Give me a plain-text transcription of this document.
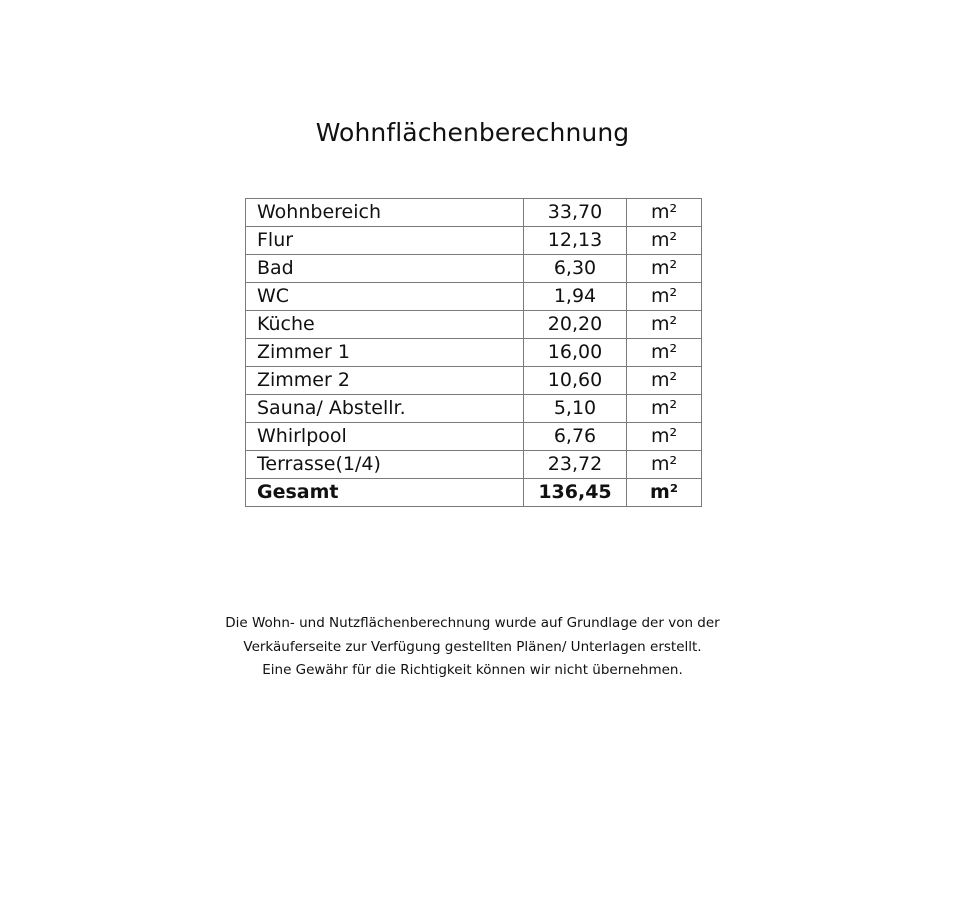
Wohnflächenberechnung
Wohnbereich	33,70	m²
Flur	12,13	m²
Bad	6,30	m²
WC	1,94	m²
Küche	20,20	m²
Zimmer 1	16,00	m²
Zimmer 2	10,60	m²
Sauna/ Abstellr.	5,10	m²
Whirlpool	6,76	m²
Terrasse(1/4)	23,72	m²
Gesamt	136,45	m²
Die Wohn- und Nutzflächenberechnung wurde auf Grundlage der von der
Verkäuferseite zur Verfügung gestellten Plänen/ Unterlagen erstellt.
Eine Gewähr für die Richtigkeit können wir nicht übernehmen.
